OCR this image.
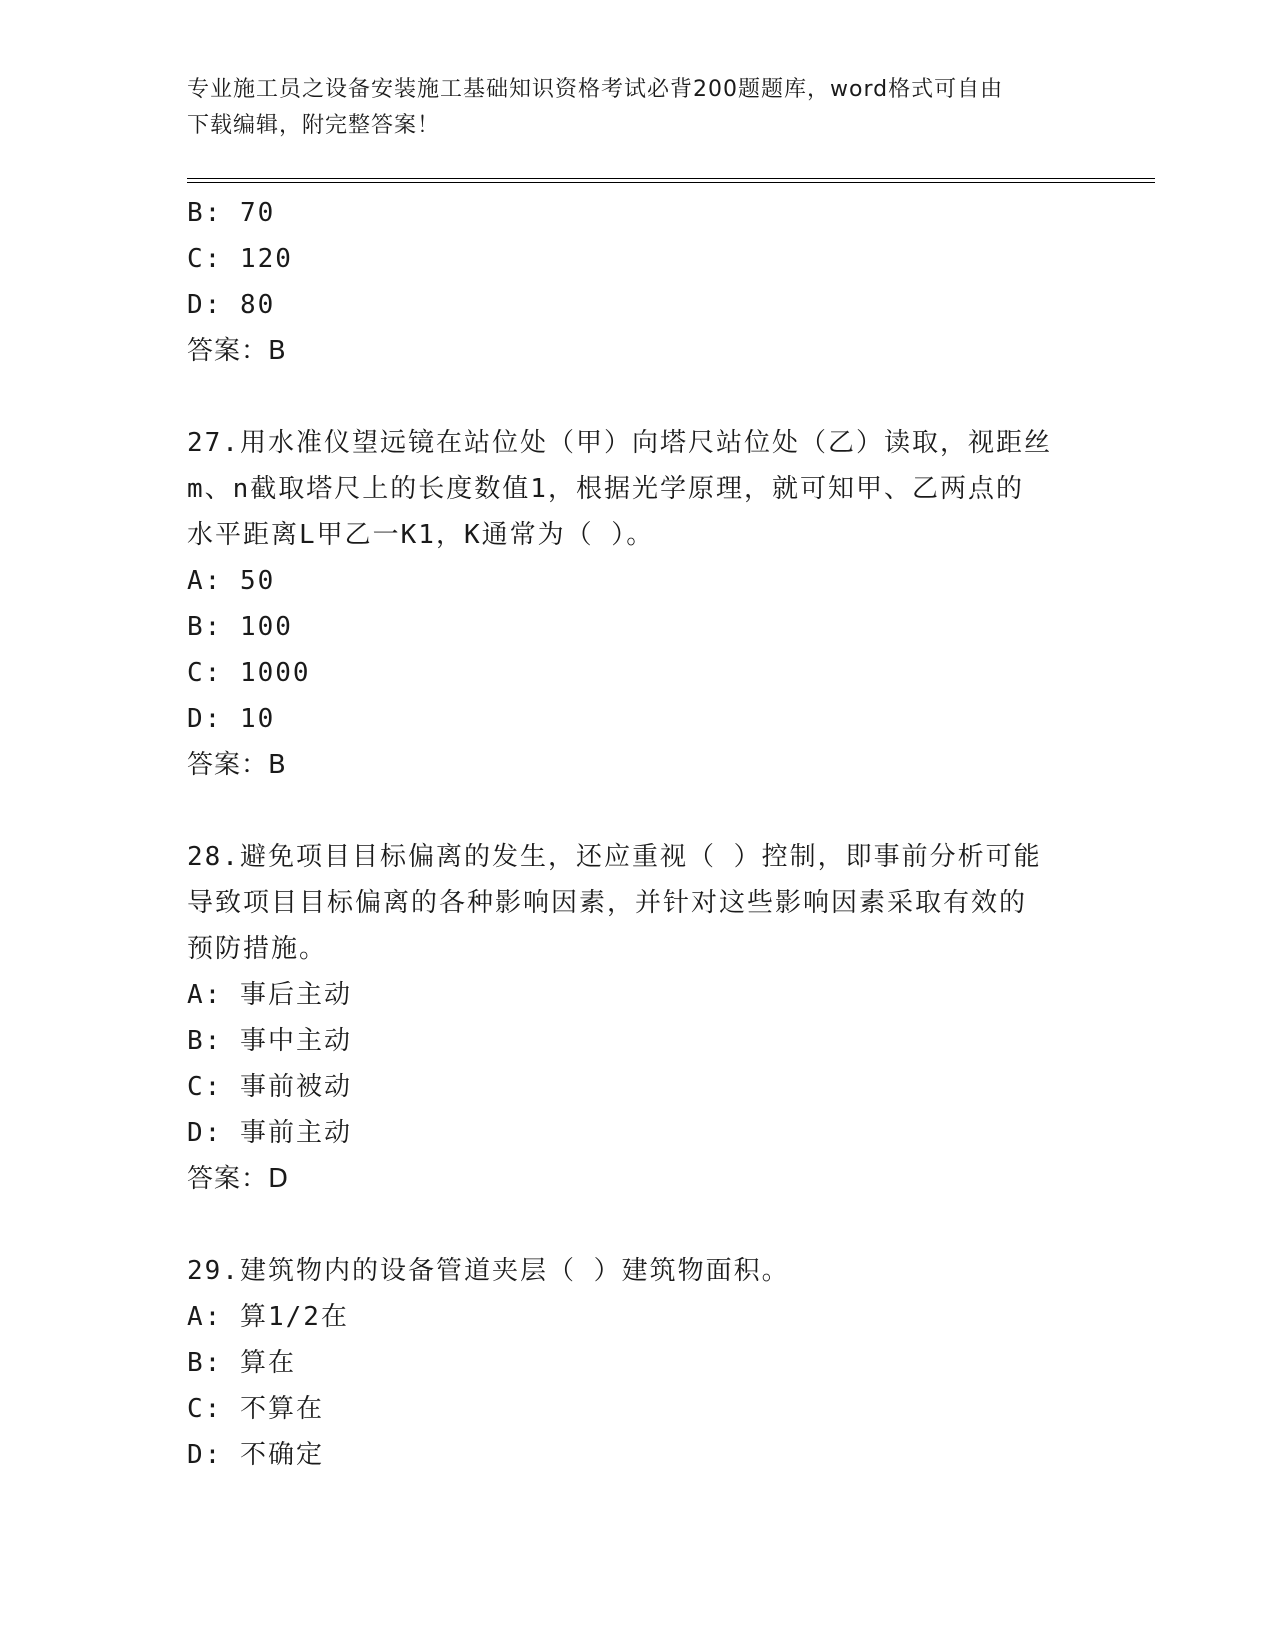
专业施工员之设备安装施工基础知识资格考试必背200题题库，word格式可自由
下载编辑，附完整答案！
B: 70
C: 120
D: 80
答案：B
27.用水准仪望远镜在站位处（甲）向塔尺站位处（乙）读取，视距丝
m、n截取塔尺上的长度数值1，根据光学原理，就可知甲、乙两点的
水平距离L甲乙一K1，K通常为（ ）。
A: 50
B: 100
C: 1000
D: 10
答案：B
28.避免项目目标偏离的发生，还应重视（ ）控制，即事前分析可能
导致项目目标偏离的各种影响因素，并针对这些影响因素采取有效的
预防措施。
A: 事后主动
B: 事中主动
C: 事前被动
D: 事前主动
答案：D
29.建筑物内的设备管道夹层（ ）建筑物面积。
A: 算1/2在
B: 算在
C: 不算在
D: 不确定
